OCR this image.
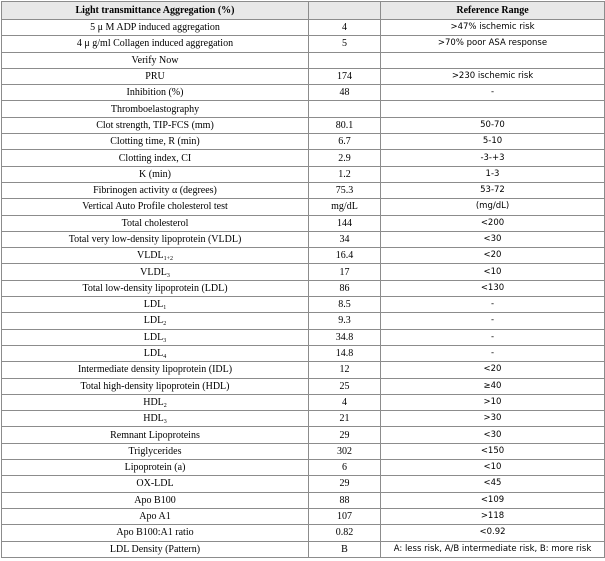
Light transmittance Aggregation (%)		Reference Range
5 μ M ADP induced aggregation	4	>47% ischemic risk
4 μ g/ml Collagen induced aggregation	5	>70% poor ASA response
Verify Now		
PRU	174	>230 ischemic risk
Inhibition (%)	48	-
Thromboelastography		
Clot strength, TIP-FCS (mm)	80.1	50-70
Clotting time, R (min)	6.7	5-10
Clotting index, CI	2.9	-3-+3
K (min)	1.2	1-3
Fibrinogen activity α (degrees)	75.3	53-72
Vertical Auto Profile cholesterol test	mg/dL	(mg/dL)
Total cholesterol	144	<200
Total very low-density lipoprotein (VLDL)	34	<30
$VLDL_{1+2}$	16.4	<20
$VLDL_3$	17	<10
Total low-density lipoprotein (LDL)	86	<130
$LDL_1$	8.5	-
$LDL_2$	9.3	-
$LDL_3$	34.8	-
$LDL_4$	14.8	-
Intermediate density lipoprotein (IDL)	12	<20
Total high-density lipoprotein (HDL)	25	≥40
$HDL_2$	4	>10
$HDL_3$	21	>30
Remnant Lipoproteins	29	<30
Triglycerides	302	<150
Lipoprotein (a)	6	<10
OX-LDL	29	<45
Apo B100	88	<109
Apo A1	107	>118
Apo B100:A1 ratio	0.82	<0.92
LDL Density (Pattern)	B	A: less risk, A/B intermediate risk, B: more risk
